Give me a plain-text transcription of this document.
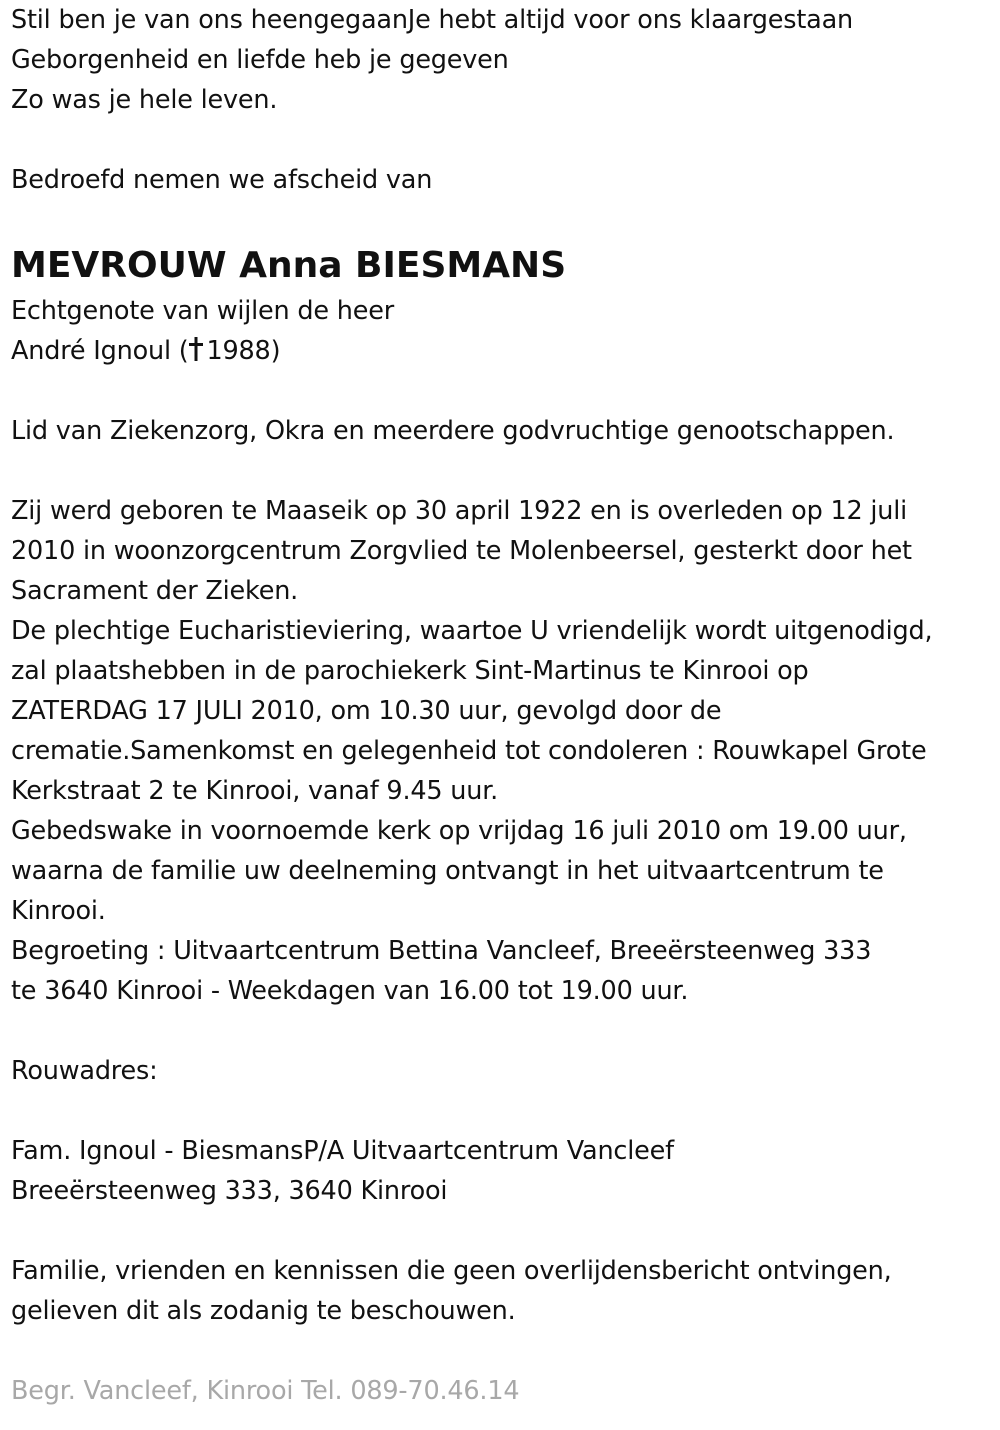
Stil ben je van ons heengegaanJe hebt altijd voor ons klaargestaan
Geborgenheid en liefde heb je gegeven
Zo was je hele leven.
Bedroefd nemen we afscheid van
MEVROUW Anna BIESMANS
Echtgenote van wijlen de heer
André Ignoul ( 1988)
Lid van Ziekenzorg, Okra en meerdere godvruchtige genootschappen.
Zij werd geboren te Maaseik op 30 april 1922 en is overleden op 12 juli
2010 in woonzorgcentrum Zorgvlied te Molenbeersel, gesterkt door het
Sacrament der Zieken.
De plechtige Eucharistieviering, waartoe U vriendelijk wordt uitgenodigd,
zal plaatshebben in de parochiekerk Sint-Martinus te Kinrooi op
ZATERDAG 17 JULI 2010, om 10.30 uur, gevolgd door de
crematie.Samenkomst en gelegenheid tot condoleren : Rouwkapel Grote
Kerkstraat 2 te Kinrooi, vanaf 9.45 uur.
Gebedswake in voornoemde kerk op vrijdag 16 juli 2010 om 19.00 uur,
waarna de familie uw deelneming ontvangt in het uitvaartcentrum te
Kinrooi.
Begroeting : Uitvaartcentrum Bettina Vancleef, Breeërsteenweg 333
te 3640 Kinrooi - Weekdagen van 16.00 tot 19.00 uur.
Rouwadres:
Fam. Ignoul - BiesmansP/A Uitvaartcentrum Vancleef
Breeërsteenweg 333, 3640 Kinrooi
Familie, vrienden en kennissen die geen overlijdensbericht ontvingen,
gelieven dit als zodanig te beschouwen.
Begr. Vancleef, Kinrooi Tel. 089-70.46.14
